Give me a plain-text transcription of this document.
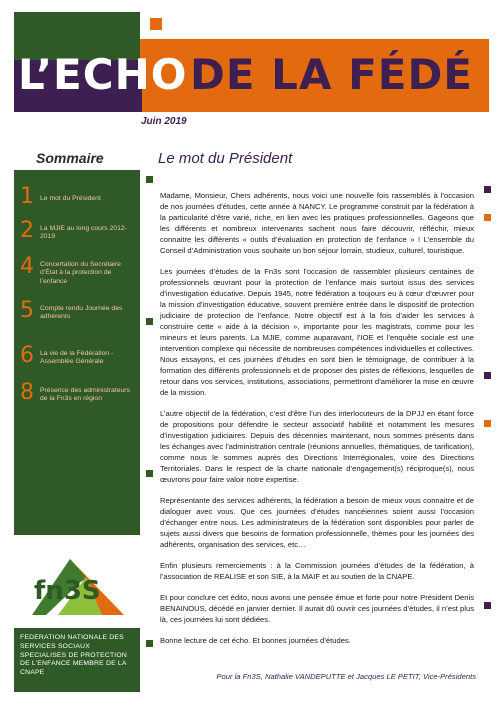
L’ECHO DE LA FÉDÉ
Juin 2019
Sommaire
1 Le mot du Président
2 La MJIE au long cours 2012-2019
4 Concertation du Secrétaire d’État à la protection de l’enfance
5 Compte rendu Journée des adhérents
6 La vie de la Fédération - Assemblée Générale
8 Présence des administrateurs de la Fn3s en région
fn3S
FEDERATION NATIONALE DES SERVICES SOCIAUX SPECIALISES DE PROTECTION DE L’ENFANCE MEMBRE DE LA CNAPE
Le mot du Président

Madame, Monsieur, Chers adhérents, nous voici une nouvelle fois rassemblés à l’occasion de nos journées d’études, cette année à NANCY. Le programme construit par la fédération à la particularité d’être varié, riche, en lien avec les pratiques professionnelles. Gageons que les différents et nombreux intervenants sachent nous faire découvrir, réfléchir, mieux connaitre les différents « outils d’évaluation en protection de l’enfance » ! L’ensemble du Conseil d’Administration vous souhaite un bon séjour lorrain, studieux, culturel, touristique.

Les journées d’études de la Fn3s sont l’occasion de rassembler plusieurs centaines de professionnels œuvrant pour la protection de l’enfance mais surtout issus des services d’investigation éducative. Depuis 1945, notre fédération a toujours eu à cœur d’œuvrer pour la mission d’investigation éducative, souvent première entrée dans le dispositif de protection judiciaire de protection de l’enfance. Notre objectif est à la fois d’aider les services à construire cette « aide à la décision », importante pour les magistrats, comme pour les mineurs et leurs parents. La MJIE, comme auparavant, l’IOE et l’enquête sociale est une intervention complexe qui nécessite de nombreuses compétences individuelles et collectives. Nous essayons, et ces journées d’études en sont bien le témoignage, de contribuer à la formation des différents professionnels et de proposer des pistes de réflexions, lesquelles de retour dans vos services, institutions, associations, permettront d’améliorer la mise en œuvre de la mission.

L’autre objectif de la fédération, c’est d’être l’un des interlocuteurs de la DPJJ en étant force de propositions pour défendre le secteur associatif habilité et notamment les mesures d’investigation judiciaires. Depuis des décennies maintenant, nous sommes présents dans les échanges avec l’administration centrale (réunions annuelles, thématiques, de tarification), comme nous le sommes auprès des Directions Interrégionales, voire des Directions Territoriales. Dans le respect de la charte nationale d’engagement(s) réciproque(s), nous œuvrons pour faire valoir notre expertise.

Représentante des services adhérents, la fédération a besoin de mieux vous connaitre et de dialoguer avec vous. Que ces journées d’études nancéiennes soient aussi l’occasion d’échanger entre nous. Les administrateurs de la fédération sont disponibles pour parler de sujets aussi divers que besoins de formation professionnelle, thèmes pour les journées des adhérents, organisation des services, etc…

Enfin plusieurs remerciements : à la Commission journées d’études de la fédération, à l’association de REALISE et son SIE, à la MAIF et au soutien de la CNAPE.

Et pour conclure cet édito, nous avons une pensée émue et forte pour notre Président Denis BENAINOUS, décédé en janvier dernier. Il aurait dû ouvrir ces journées d’études, il n’est plus là, ces journées lui sont dédiées.

Bonne lecture de cet écho. Et bonnes journées d’études.

Pour la Fn3S, Nathalie VANDEPUTTE et Jacques LE PETIT, Vice-Présidents
